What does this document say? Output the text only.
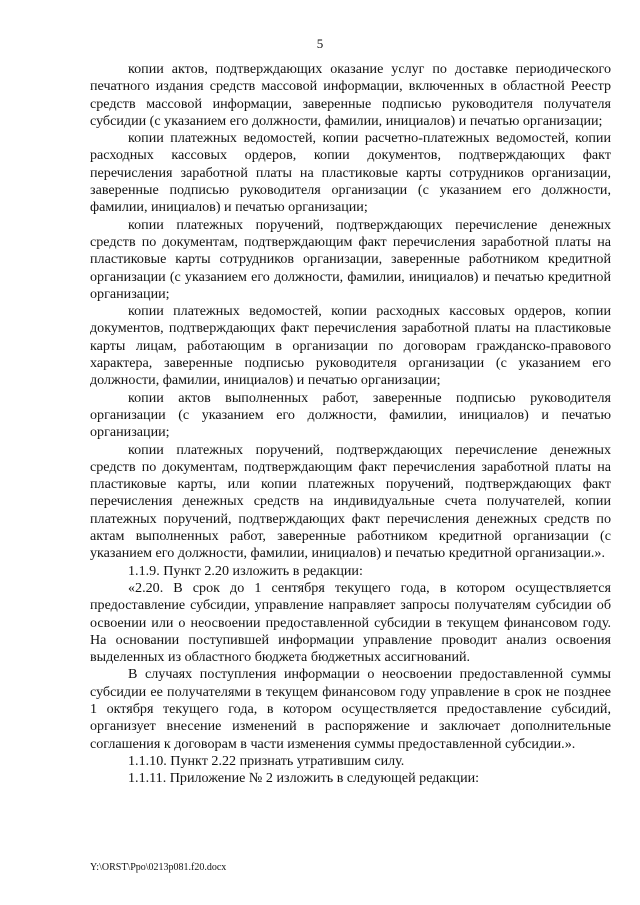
5

копии актов, подтверждающих оказание услуг по доставке периодического печатного издания средств массовой информации, включенных в областной Реестр средств массовой информации, заверенные подписью руководителя получателя субсидии (с указанием его должности, фамилии, инициалов) и печатью организации;

копии платежных ведомостей, копии расчетно-платежных ведомостей, копии расходных кассовых ордеров, копии документов, подтверждающих факт перечисления заработной платы на пластиковые карты сотрудников организации, заверенные подписью руководителя организации (с указанием его должности, фамилии, инициалов) и печатью организации;

копии платежных поручений, подтверждающих перечисление денежных средств по документам, подтверждающим факт перечисления заработной платы на пластиковые карты сотрудников организации, заверенные работником кредитной организации (с указанием его должности, фамилии, инициалов) и печатью кредитной организации;

копии платежных ведомостей, копии расходных кассовых ордеров, копии документов, подтверждающих факт перечисления заработной платы на пластиковые карты лицам, работающим в организации по договорам гражданско-правового характера, заверенные подписью руководителя организации (с указанием его должности, фамилии, инициалов) и печатью организации;

копии актов выполненных работ, заверенные подписью руководителя организации (с указанием его должности, фамилии, инициалов) и печатью организации;

копии платежных поручений, подтверждающих перечисление денежных средств по документам, подтверждающим факт перечисления заработной платы на пластиковые карты, или копии платежных поручений, подтверждающих факт перечисления денежных средств на индивидуальные счета получателей, копии платежных поручений, подтверждающих факт перечисления денежных средств по актам выполненных работ, заверенные работником кредитной организации (с указанием его должности, фамилии, инициалов) и печатью кредитной организации.».

1.1.9. Пункт 2.20 изложить в редакции:

«2.20. В срок до 1 сентября текущего года, в котором осуществляется предоставление субсидии, управление направляет запросы получателям субсидии об освоении или о неосвоении предоставленной субсидии в текущем финансовом году. На основании поступившей информации управление проводит анализ освоения выделенных из областного бюджета бюджетных ассигнований.

В случаях поступления информации о неосвоении предоставленной суммы субсидии ее получателями в текущем финансовом году управление в срок не позднее 1 октября текущего года, в котором осуществляется предоставление субсидий, организует внесение изменений в распоряжение и заключает дополнительные соглашения к договорам в части изменения суммы предоставленной субсидии.».

1.1.10. Пункт 2.22 признать утратившим силу.

1.1.11. Приложение № 2 изложить в следующей редакции:

Y:\ORST\Ppo\0213p081.f20.docx
